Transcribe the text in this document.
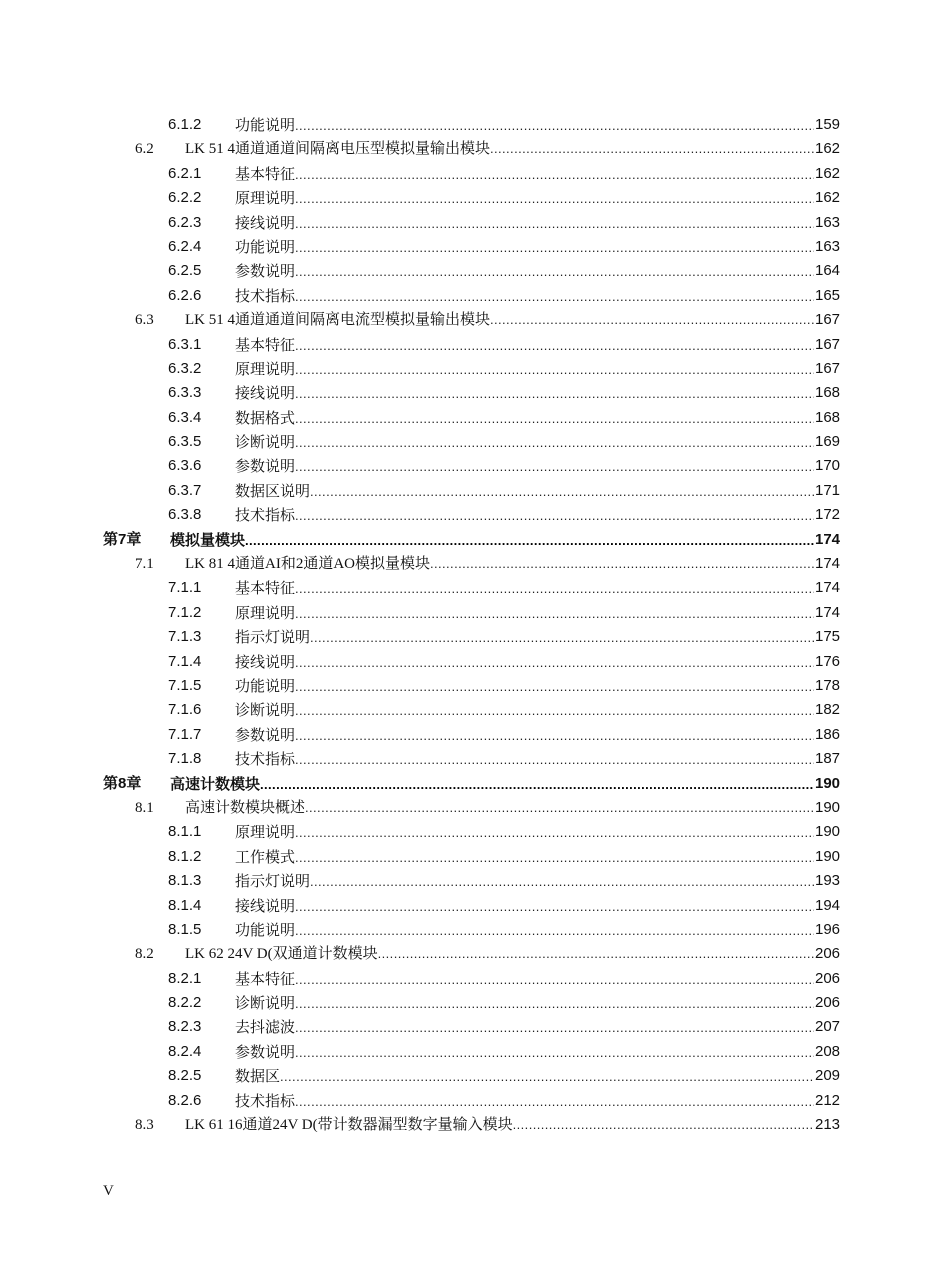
6.1.2 功能说明 .....	159
6.2 LK 51 4通道通道间隔离电压型模拟量输出模块 .....	162
6.2.1 基本特征 .....	162
6.2.2 原理说明 .....	162
6.2.3 接线说明 .....	163
6.2.4 功能说明 .....	163
6.2.5 参数说明 .....	164
6.2.6 技术指标 .....	165
6.3 LK 51 4通道通道间隔离电流型模拟量输出模块 .....	167
6.3.1 基本特征 .....	167
6.3.2 原理说明 .....	167
6.3.3 接线说明 .....	168
6.3.4 数据格式 .....	168
6.3.5 诊断说明 .....	169
6.3.6 参数说明 .....	170
6.3.7 数据区说明 .....	171
6.3.8 技术指标 .....	172
第7章 模拟量模块 .....	174
7.1 LK 81 4通道AI和2通道AO模拟量模块 .....	174
7.1.1 基本特征 .....	174
7.1.2 原理说明 .....	174
7.1.3 指示灯说明 .....	175
7.1.4 接线说明 .....	176
7.1.5 功能说明 .....	178
7.1.6 诊断说明 .....	182
7.1.7 参数说明 .....	186
7.1.8 技术指标 .....	187
第8章 高速计数模块 .....	190
8.1 高速计数模块概述 .....	190
8.1.1 原理说明 .....	190
8.1.2 工作模式 .....	190
8.1.3 指示灯说明 .....	193
8.1.4 接线说明 .....	194
8.1.5 功能说明 .....	196
8.2 LK 62 24V D(双通道计数模块 .....	206
8.2.1 基本特征 .....	206
8.2.2 诊断说明 .....	206
8.2.3 去抖滤波 .....	207
8.2.4 参数说明 .....	208
8.2.5 数据区 .....	209
8.2.6 技术指标 .....	212
8.3 LK 61 16通道24V D(带计数器漏型数字量输入模块 .....	213
V
